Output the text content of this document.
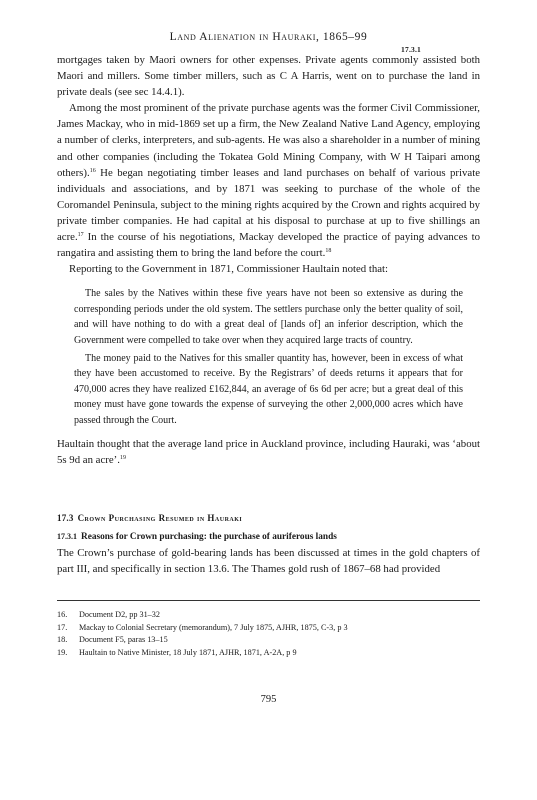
Land Alienation in Hauraki, 1865–99
17.3.1

mortgages taken by Maori owners for other expenses. Private agents commonly assisted both Maori and millers. Some timber millers, such as C A Harris, went on to purchase the land in private deals (see sec 14.4.1).

Among the most prominent of the private purchase agents was the former Civil Commissioner, James Mackay, who in mid-1869 set up a firm, the New Zealand Native Land Agency, employing a number of clerks, interpreters, and sub-agents. He was also a shareholder in a number of mining and other companies (including the Tokatea Gold Mining Company, with W H Taipari among others).$^{16}$ He began negotiating timber leases and land purchases on behalf of various private individuals and associations, and by 1871 was seeking to purchase of the whole of the Coromandel Peninsula, subject to the mining rights acquired by the Crown and rights acquired by private timber companies. He had capital at his disposal to purchase at up to five shillings an acre.$^{17}$ In the course of his negotiations, Mackay developed the practice of paying advances to rangatira and assisting them to bring the land before the court.$^{18}$

Reporting to the Government in 1871, Commissioner Haultain noted that:

The sales by the Natives within these five years have not been so extensive as during the corresponding periods under the old system. The settlers purchase only the better quality of soil, and will have nothing to do with a great deal of [lands of] an inferior description, which the Government were compelled to take over when they acquired large tracts of country.

The money paid to the Natives for this smaller quantity has, however, been in excess of what they have been accustomed to receive. By the Registrars’ of deeds returns it appears that for 470,000 acres they have realized £162,844, an average of 6s 6d per acre; but a great deal of this money must have gone towards the expense of surveying the other 2,000,000 acres which have passed through the Court.

Haultain thought that the average land price in Auckland province, including Hauraki, was ‘about 5s 9d an acre’.$^{19}$

17.3 Crown Purchasing Resumed in Hauraki
17.3.1 Reasons for Crown purchasing: the purchase of auriferous lands

The Crown’s purchase of gold-bearing lands has been discussed at times in the gold chapters of part III, and specifically in section 13.6. The Thames gold rush of 1867–68 had provided

16.	Document D2, pp 31–32
17.	Mackay to Colonial Secretary (memorandum), 7 July 1875, AJHR, 1875, C-3, p 3
18.	Document F5, paras 13–15
19.	Haultain to Native Minister, 18 July 1871, AJHR, 1871, A-2A, p 9
795
